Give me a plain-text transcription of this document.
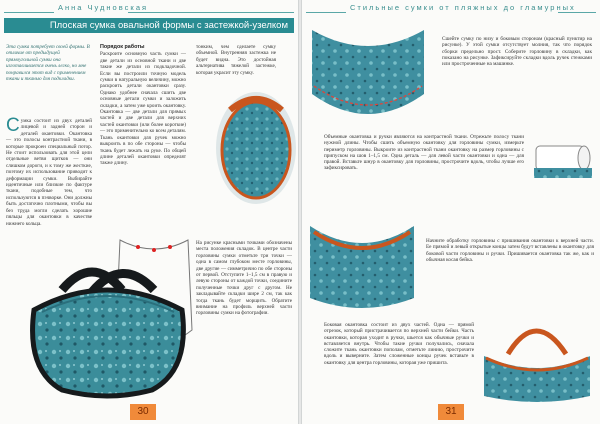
Анна Чудновская
Плоская сумка овальной формы с застежкой-узелком
Эта сумка потребует своей формы. В отличие от предыдущей прямоугольной сумки она изготавливается очень легко, но мне понравился этот вид с применением ткани и тканью для подкладки.
Сумка состоит из двух деталей лицевой и задней сторон и деталей окантовки. Окантовка — это полосы контрастной ткани, в которые прокроен специальный потор. Не стоит использовать для этой цели отдельные ветви щитков — они слишком дороги, и к тому же жесткие, поэтому их использование приводит к деформации сумки. Выбирайте идентичные или близкие по фактуре ткани, подобные тем, что используются в пэчворке. Они должны быть достаточно плотными, чтобы вы без труда могли сделать хорошие пяльцы для окантовки в качестве нижнего кольца.

Порядок работы

Раскроите основную часть сумки — две детали из основной ткани и две такие же детали из подкладочной. Если вы построили точную модель сумки в натуральную величину, можно раскроить детали окантовки сразу. Однако удобнее сначала сшить две основные детали сумки и заложить складки, а затем уже кроить окантовку. Окантовка — две детали для прямых частей и две детали для верхних частей окантовки (или более короткие) — это применительно ко всем деталям. Ткань окантовки для ручек можно выкроить в по обе стороны — чтобы ткань будет лежать на руке. По общей длине деталей окантовки определят также длину.

тонким, чем сделаете сумку объемной. Внутренняя застежка не будет видна. Это достойная альтернатива тяжелой застежке, которая украсит эту сумку.

На рисунке красными точками обозначены места положения складок. В центре части горловины сумки отметьте три точки — одна в самом глубоком месте горловины, две другие — симметрично по обе стороны от первой. Отступите 1–1,5 см в правую и левую стороны от каждой точки, соедините полученные точки друг с другом. Не закладывайте складки шире 2 см, так как тогда ткань будет морщить. Обратите внимание на профиль верхней части горловины сумки на фотографии.

30
Стильные сумки от пляжных до гламурных

Сшейте сумку по низу и боковым сторонам (красный пунктир на рисунке). У этой сумки отсутствует молния, так что порядок сборки предельно прост. Соберите горловину в складки, как показано на рисунке. Зафиксируйте складки вдоль ручек стежками или простроченные на машинке.

Объемные окантовка и ручки являются на контрастной ткани. Отрежьте полосу ткани нужной длины. Чтобы сшить объемную окантовку для горловины сумки, измерьте периметр горловины. Выкроите из контрастной ткани окантовку на размер горловины с припуском на шов 1–1,5 см. Одна деталь — для левой части окантовки и одна — для правой. Вставьте шнур в окантовку для горловины, прострочите вдоль, чтобы лучше его зафиксировать.

Начните обработку горловины с пришивания окантовки к верхней части. Ее прямой и левый открытые концы затем будут вставлены в окантовку для боковой части горловины и ручки. Пришивается окантовка так же, как и обычная косая бейка.

Боковая окантовка состоит из двух частей. Одна — прямой отрезок, который пристрачивается по верхней части бейки. Часть окантовки, которая уходит в ручки, шьется как обычные ручки и вставляется внутрь. Чтобы такие ручки получались, сначала сложите ткань окантовки пополам, отметьте линию, прострочите вдоль и выверните. Затем сложенные концы ручек вставьте в окантовку для центра горловины, которая уже пришита.

31
